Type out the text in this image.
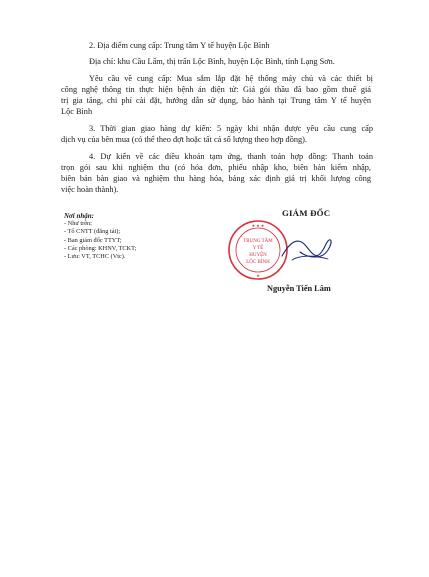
2. Địa điểm cung cấp: Trung tâm Y tế huyện Lộc Bình
Địa chỉ: khu Cầu Lấm, thị trấn Lộc Bình, huyện Lộc Bình, tỉnh Lạng Sơn.
Yêu cầu về cung cấp: Mua sắm lắp đặt hệ thống máy chủ và các thiết bị
công nghệ thông tin thực hiện bệnh án điện tử: Giá gói thầu đã bao gồm thuế giá
trị gia tăng, chi phí cài đặt, hướng dẫn sử dụng, bảo hành tại Trung tâm Y tế huyện
Lộc Bình
3. Thời gian giao hàng dự kiến: 5 ngày khi nhận được yêu cầu cung cấp
dịch vụ của bên mua (có thể theo đợt hoặc tất cả số lượng theo hợp đồng).
4. Dự kiến về các điều khoản tạm ứng, thanh toán hợp đồng: Thanh toán
trọn gói sau khi nghiệm thu (có hóa đơn, phiếu nhập kho, biên bản kiểm nhập,
biên bản bàn giao và nghiệm thu hàng hóa, bảng xác định giá trị khối lượng công
việc hoàn thành).
Nơi nhận:
- Như trên;
- Tổ CNTT (đăng tải);
- Ban giám đốc TTYT;
- Các phòng: KHNV, TCKT;
- Lưu: VT, TCHC (Vtc).
GIÁM ĐỐC
★ ★ ★
TRUNG TÂM
Y TẾ
HUYỆN
LỘC BÌNH
★
Nguyễn Tiến Lâm
